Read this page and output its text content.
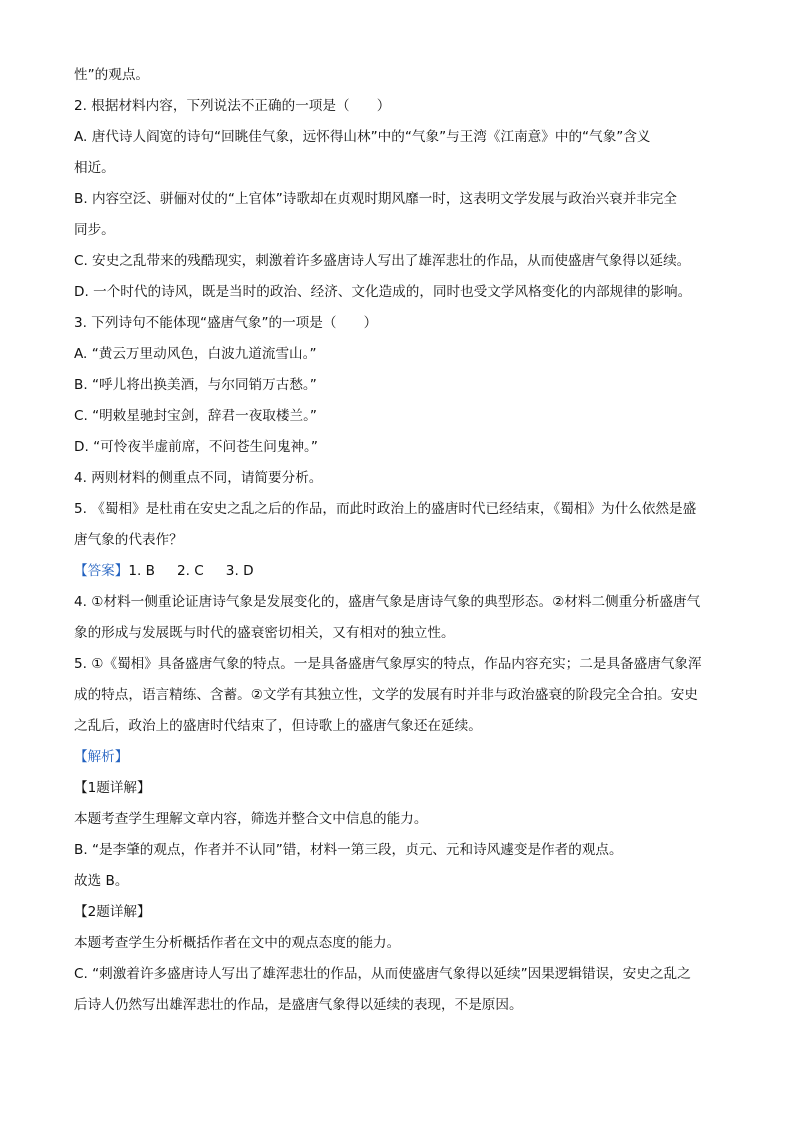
性”的观点。
2. 根据材料内容，下列说法不正确的一项是（　　）
A. 唐代诗人阎宽的诗句“回眺佳气象，远怀得山林”中的“气象”与王湾《江南意》中的“气象”含义
相近。
B. 内容空泛、骈俪对仗的“上官体”诗歌却在贞观时期风靡一时，这表明文学发展与政治兴衰并非完全
同步。
C. 安史之乱带来的残酷现实，刺激着许多盛唐诗人写出了雄浑悲壮的作品，从而使盛唐气象得以延续。
D. 一个时代的诗风，既是当时的政治、经济、文化造成的，同时也受文学风格变化的内部规律的影响。
3. 下列诗句不能体现“盛唐气象”的一项是（　　）
A. “黄云万里动风色，白波九道流雪山。”
B. “呼儿将出换美酒，与尔同销万古愁。”
C. “明敕星驰封宝剑，辞君一夜取楼兰。”
D. “可怜夜半虚前席，不问苍生问鬼神。”
4. 两则材料的侧重点不同，请简要分析。
5. 《蜀相》是杜甫在安史之乱之后的作品，而此时政治上的盛唐时代已经结束，《蜀相》为什么依然是盛
唐气象的代表作？
【答案】1. B 2. C 3. D
4. ①材料一侧重论证唐诗气象是发展变化的，盛唐气象是唐诗气象的典型形态。②材料二侧重分析盛唐气
象的形成与发展既与时代的盛衰密切相关，又有相对的独立性。
5. ①《蜀相》具备盛唐气象的特点。一是具备盛唐气象厚实的特点，作品内容充实；二是具备盛唐气象浑
成的特点，语言精练、含蓄。②文学有其独立性，文学的发展有时并非与政治盛衰的阶段完全合拍。安史
之乱后，政治上的盛唐时代结束了，但诗歌上的盛唐气象还在延续。
【解析】
【1题详解】
本题考查学生理解文章内容，筛选并整合文中信息的能力。
B. “是李肇的观点，作者并不认同”错，材料一第三段，贞元、元和诗风遽变是作者的观点。
故选 B。
【2题详解】
本题考查学生分析概括作者在文中的观点态度的能力。
C. “刺激着许多盛唐诗人写出了雄浑悲壮的作品，从而使盛唐气象得以延续”因果逻辑错误，安史之乱之
后诗人仍然写出雄浑悲壮的作品，是盛唐气象得以延续的表现，不是原因。
